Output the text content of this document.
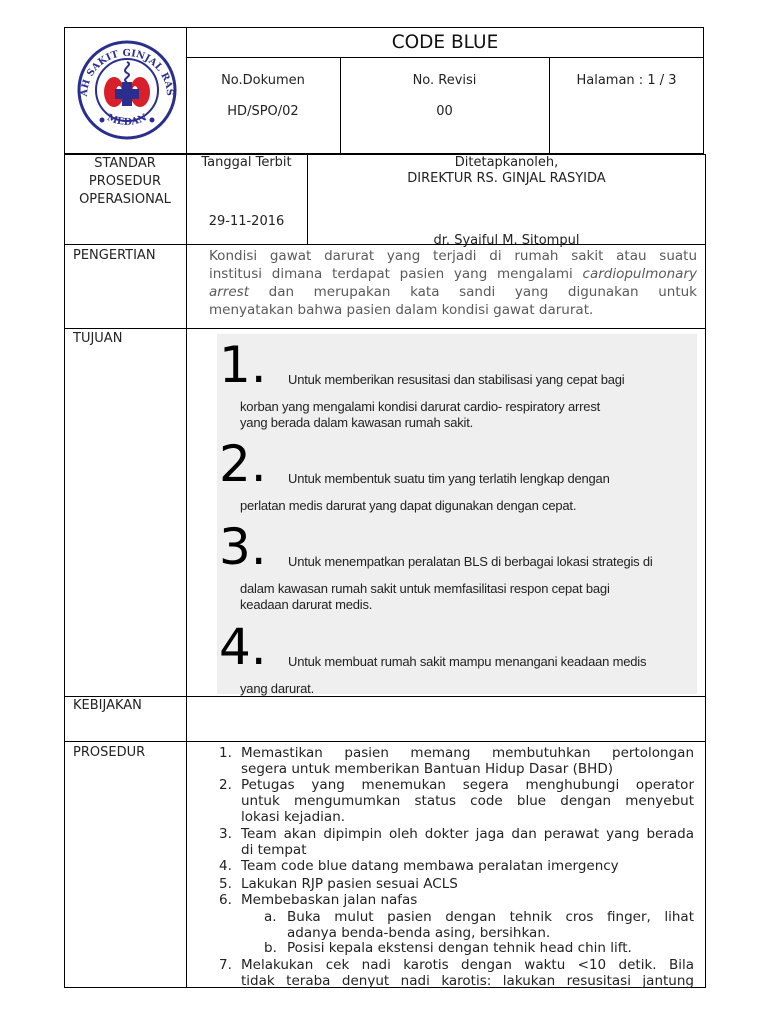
AH SAKIT GINJAL RAS
MEDAN
CODE BLUE
No.Dokumen
HD/SPO/02
No. Revisi
00
Halaman : 1 / 3
STANDAR
PROSEDUR
OPERASIONAL
Tanggal Terbit
29-11-2016
Ditetapkanoleh,
DIREKTUR RS. GINJAL RASYIDA
dr. Syaiful M. Sitompul
PENGERTIAN	Kondisi gawat darurat yang terjadi di rumah sakit atau suatu
institusi dimana terdapat pasien yang mengalami cardiopulmonary
arrest dan merupakan kata sandi yang digunakan untuk
menyatakan bahwa pasien dalam kondisi gawat darurat.
TUJUAN 1. Untuk memberikan resusitasi dan stabilisasi yang cepat bagi
korban yang mengalami kondisi darurat cardio- respiratory arrest
yang berada dalam kawasan rumah sakit.
2. Untuk membentuk suatu tim yang terlatih lengkap dengan
perlatan medis darurat yang dapat digunakan dengan cepat.
3. Untuk menempatkan peralatan BLS di berbagai lokasi strategis di
dalam kawasan rumah sakit untuk memfasilitasi respon cepat bagi
keadaan darurat medis.
4. Untuk membuat rumah sakit mampu menangani keadaan medis
yang darurat.
KEBIJAKAN
PROSEDUR	1. Memastikan pasien memang membutuhkan pertolongan
segera untuk memberikan Bantuan Hidup Dasar (BHD)
2. Petugas yang menemukan segera menghubungi operator
untuk mengumumkan status code blue dengan menyebut
lokasi kejadian.
3. Team akan dipimpin oleh dokter jaga dan perawat yang berada
di tempat
4. Team code blue datang membawa peralatan imergency
5. Lakukan RJP pasien sesuai ACLS
6. Membebaskan jalan nafas
a. Buka mulut pasien dengan tehnik cros finger, lihat
adanya benda-benda asing, bersihkan.
b. Posisi kepala ekstensi dengan tehnik head chin lift.
7. Melakukan cek nadi karotis dengan waktu <10 detik. Bila
tidak teraba denyut nadi karotis: lakukan resusitasi jantung
